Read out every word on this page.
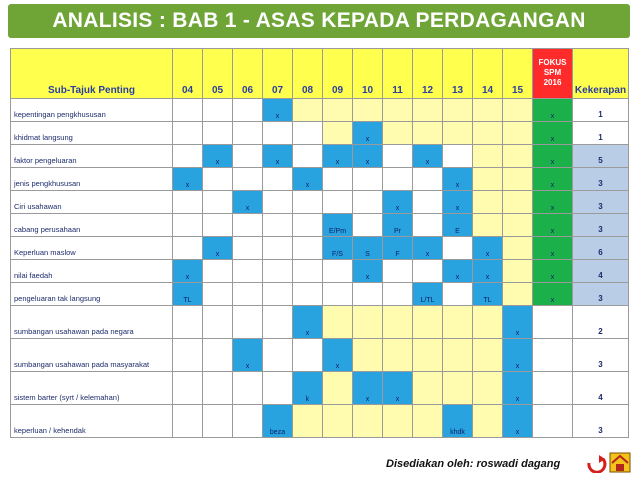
ANALISIS : BAB 1 - ASAS KEPADA PERDAGANGAN
Sub-Tajuk Penting	04	05	06	07	08	09	10	11	12	13	14	15	FOKUS
SPM
2016	Kekerapan
kepentingan pengkhususan				x									x	1
khidmat langsung							x						x	1
faktor pengeluaran		x		x		x	x		x				x	5
jenis pengkhususan	x				x					x			x	3
Ciri usahawan			x					x		x			x	3
cabang perusahaan						E/Pm		Pr		E			x	3
Keperluan maslow		x				F/S	S	F	x		x		x	6
nilai faedah	x						x			x	x		x	4
pengeluaran tak langsung	TL								L/TL		TL		x	3
sumbangan usahawan pada negara					x							x		2
sumbangan usahawan pada masyarakat			x			x						x		3
sistem barter (syrt / kelemahan)					k		x	x				x		4
keperluan / kehendak				beza						khdk		x		3
Disediakan oleh: roswadi dagang
